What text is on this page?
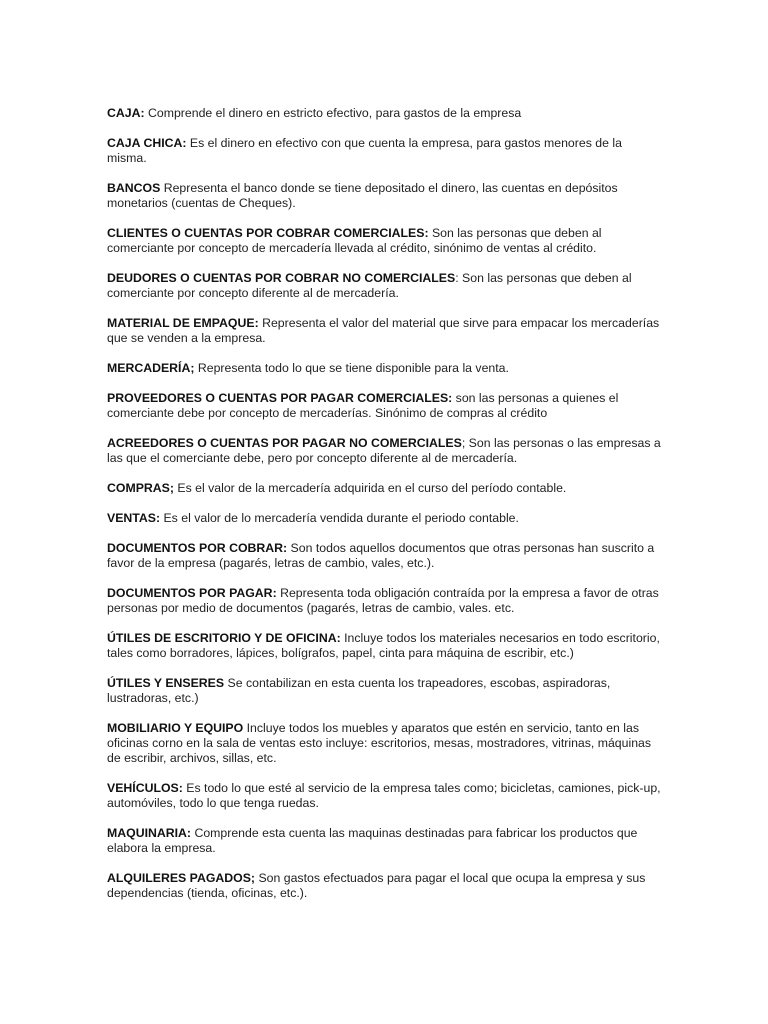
CAJA: Comprende el dinero en estricto efectivo, para gastos de la empresa

CAJA CHICA: Es el dinero en efectivo con que cuenta la empresa, para gastos menores de la misma.

BANCOS Representa el banco donde se tiene depositado el dinero, las cuentas en depósitos monetarios (cuentas de Cheques).

CLIENTES O CUENTAS POR COBRAR COMERCIALES: Son las personas que deben al comerciante por concepto de mercadería llevada al crédito, sinónimo de ventas al crédito.

DEUDORES O CUENTAS POR COBRAR NO COMERCIALES: Son las personas que deben al comerciante por concepto diferente al de mercadería.

MATERIAL DE EMPAQUE: Representa el valor del material que sirve para empacar los mercaderías que se venden a la empresa.

MERCADERÍA; Representa todo lo que se tiene disponible para la venta.

PROVEEDORES O CUENTAS POR PAGAR COMERCIALES: son las personas a quienes el comerciante debe por concepto de mercaderías. Sinónimo de compras al crédito

ACREEDORES O CUENTAS POR PAGAR NO COMERCIALES; Son las personas o las empresas a las que el comerciante debe, pero por concepto diferente al de mercadería.

COMPRAS; Es el valor de la mercadería adquirida en el curso del período contable.

VENTAS: Es el valor de lo mercadería vendida durante el periodo contable.

DOCUMENTOS POR COBRAR: Son todos aquellos documentos que otras personas han suscrito a favor de la empresa (pagarés, letras de cambio, vales, etc.).

DOCUMENTOS POR PAGAR: Representa toda obligación contraída por la empresa a favor de otras personas por medio de documentos (pagarés, letras de cambio, vales. etc.

ÚTILES DE ESCRITORIO Y DE OFICINA: Incluye todos los materiales necesarios en todo escritorio, tales como borradores, lápices, bolígrafos, papel, cinta para máquina de escribir, etc.)

ÚTILES Y ENSERES Se contabilizan en esta cuenta los trapeadores, escobas, aspiradoras, lustradoras, etc.)

MOBILIARIO Y EQUIPO Incluye todos los muebles y aparatos que estén en servicio, tanto en las oficinas corno en la sala de ventas esto incluye: escritorios, mesas, mostradores, vitrinas, máquinas de escribir, archivos, sillas, etc.

VEHÍCULOS: Es todo lo que esté al servicio de la empresa tales como; bicicletas, camiones, pick-up, automóviles, todo lo que tenga ruedas.

MAQUINARIA: Comprende esta cuenta las maquinas destinadas para fabricar los productos que elabora la empresa.

ALQUILERES PAGADOS; Son gastos efectuados para pagar el local que ocupa la empresa y sus dependencias (tienda, oficinas, etc.).
